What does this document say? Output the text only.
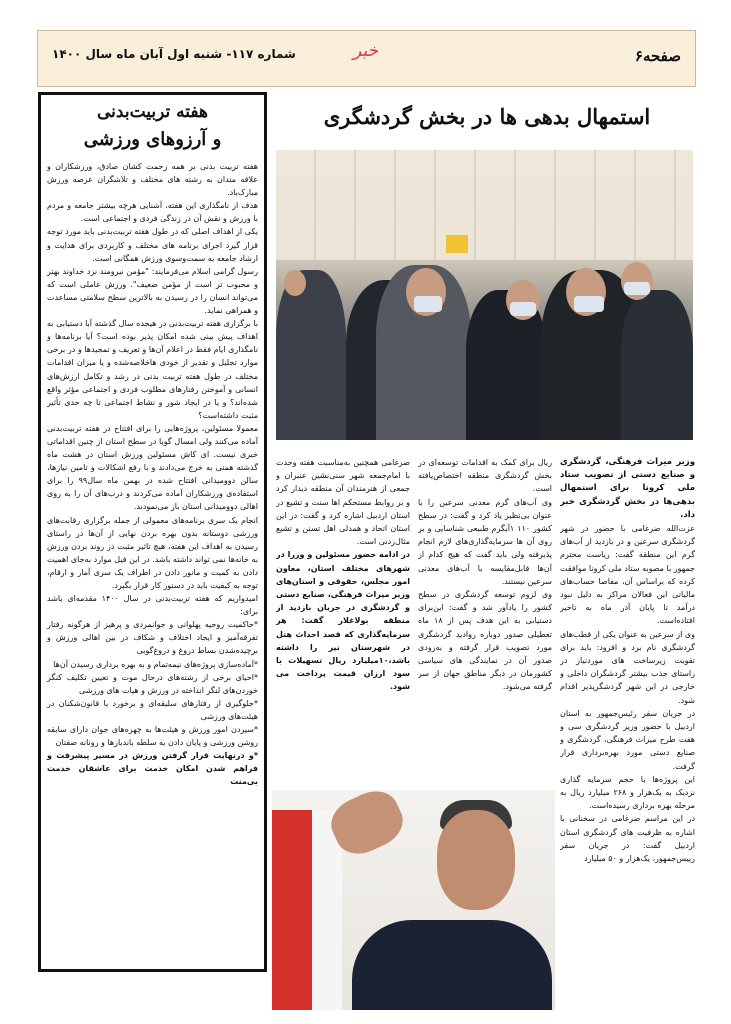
صفحه۶
خبر
شماره ۱۱۷- شنبه اول آبان ماه سال ۱۴۰۰
هفته تربیت‌بدنی
و آرزوهای ورزشی

هفته تربیت بدنی بر همه زحمت کشان صادق، ورزشکاران و علاقه مندان به رشته های مختلف و تلاشگران عرصه ورزش مبارک‌باد.

هدف از نامگذاری این هفته، آشنایی هرچه بیشتر جامعه و مردم با ورزش و نقش آن در زندگی فردی و اجتماعی است.

یکی از اهداف اصلی که در طول هفته تربیت‌بدنی باید مورد توجه قرار گیرد اجرای برنامه های مختلف و کاربردی برای هدایت و ارشاد جامعه به سمت‌وسوی ورزش همگانی است.

رسول گرامی اسلام می‌فرمایند: "مؤمن نیرومند نزد خداوند بهتر و محبوب تر است از مؤمن ضعیف". ورزش عاملی است که می‌تواند انسان را در رسیدن به بالاترین سطح سلامتی مساعدت و همراهی نماید.

با برگزاری هفته تربیت‌بدنی در هیجده سال گذشته آیا دستیابی به اهداف پیش بینی شده امکان پذیر بوده است؟ آیا برنامه‌ها و نامگذاری ایام فقط در اعلام آن‌ها و تعریف و تمجیدها و در برخی موارد تجلیل و تقدیر از خودی هاخلاصه‌شده و یا میزان اقدامات مختلف در طول هفته تربیت بدنی در رشد و تکامل ارزش‌های انسانی و آموختن رفتارهای مطلوب فردی و اجتماعی مؤثر واقع شده‌اند؟ و یا در ایجاد شور و نشاط اجتماعی تا چه حدی تأثیر مثبت داشته‌است؟

معمولا مسئولین، پروژه‌هایی را برای افتتاح در هفته تربیت‌بدنی آماده می‌کنند ولی امسال گویا در سطح استان از چنین اقداماتی خبری نیست. ای کاش مسئولین ورزش استان در هشت ماه گذشته همتی به خرج می‌دادند و با رفع اشکالات و تامین نیازها، سالن دوومیدانی افتتاح شده در بهمن ماه سال۹۹ را برای استفاده‌ی ورزشکاران آماده می‌کردند و درب‌های آن را به روی اهالی دوومیدانی استان باز می‌نمودند.

انجام یک سری برنامه‌های معمولی از جمله برگزاری رقابت‌های ورزشی دوستانه بدون بهره بردن نهایی از آن‌ها در راستای رسیدن به اهداف این هفته، هیچ تاثیر مثبت در روند بردن ورزش به خانه‌ها نمی تواند داشته باشد. در این فیل موارد به‌جای اهمیت دادن به کمیت و مانور دادن در اطراف یک سری آمار و ارقام، توجه به کیفیت باید در دستور کار قرار بگیرد.

امیدواریم که هفته تربیت‌بدنی در سال ۱۴۰۰ مقدمه‌ای باشد برای:

*حاکمیت روحیه پهلوانی و جوانمردی و پرهیز از هرگونه رفتار تفرقه‌آمیز و ایجاد اختلاف و شکاف در بین اهالی ورزش و برچیده‌شدن بساط دروغ و دروغ‌گویی

*آماده‌سازی پروژه‌های نیمه‌تمام و به بهره برداری رسیدن آن‌ها

*احیای برخی از رشته‌های درحال موت و تعیین تکلیف کنگر خوردن‌های لنگر انداخته در ورزش و هیات های ورزشی

*جلوگیری از رفتارهای سلیقه‌ای و برخورد با قانون‌شکنان در هیئت‌های ورزشی

*سپردن امور ورزش و هیئت‌ها به چهره‌های جوان دارای سابقه روشن ورزشی و پایان دادن به سلطه باندبازها و رونانه صفتان

*و درنهایت قرار گرفتن ورزش در مسیر پیشرفت و فراهم شدن امکان خدمت برای عاشقان خدمت بی‌منت

استمهال بدهی ها در بخش گردشگری

وزیر میراث فرهنگی، گردشگری و صنایع دستی از تصویب ستاد ملی کرونا برای استمهال بدهی‌ها در بخش گردشگری خبر داد.

عزت‌الله ضرغامی با حضور در شهر گردشگری سرعین و در بازدید از آب‌های گرم این منطقه گفت: ریاست محترم جمهور با مصوبه ستاد ملی کرونا موافقت کرده که براساس آن، مفاصا حساب‌های مالیاتی این فعالان مراکز به دلیل نبود درآمد تا پایان آذر ماه به تاخیر افتاده‌است.

وی از سرعین به عنوان یکی از قطب‌های گردشگری نام برد و افزود: باید برای تقویت زیرساخت های موردنیاز در راستای جذب بیشتر گردشگران داخلی و خارجی در این شهر گردشگرپذیر اقدام شود.

در جریان سفر رئیس‌جمهور به استان اردبیل با حضور وزیر گردشگری سی و هفت طرح میراث فرهنگی، گردشگری و صنایع دستی مورد بهره‌برداری قرار گرفت.

این پروژه‌ها با حجم سرمایه گذاری نزدیک به یک‌هزار و ۲۶۸ میلیارد ریال به مرحله بهره برداری رسیده‌است.

در این مراسم ضرغامی در سخنانی با اشاره به ظرفیت های گردشگری استان اردبیل گفت: در جریان سفر رییس‌جمهور، یک‌هزار و ۵۰ میلیارد

ریال برای کمک به اقدامات توسعه‌ای در بخش گردشگری منطقه اختصاص‌یافته است.

وی آب‌های گرم معدنی سرعین را با عنوان بی‌نظیر یاد کرد و گفت: در سطح کشور ۱۱۰ ۱آبگرم طبیعی شناسایی و بر روی آن ها سرمایه‌گذاری‌های لازم انجام پذیرفته ولی باید گفت که هیچ کدام از آن‌ها قابل‌مقایسه با آب‌های معدنی سرعین نیستند.

وی لزوم توسعه گردشگری در سطح کشور را یادآور شد و گفت: این‌برای دستیابی به این هدف پس از ۱۸ ماه تعطیلی صدور دوباره روادید گردشگری مورد تصویب قرار گرفته و به‌زودی صدور آن در نمایندگی های سیاسی کشورمان در دیگر مناطق جهان از سر گرفته می‌شود.

ضرغامی همچنین به‌مناسبت هفته وحدت با امام‌جمعه شهر سنی‌نشین عنبران و جمعی از هنرمندان آن منطقه دیدار کرد و بر روابط مستحکم اها سنت و تشیع در استان اردبیل اشاره کرد و گفت: در این استان اتحاد و همدلی اهل تسنن و تشیع مثال‌زدنی است.

در ادامه حضور مسئولین و وزرا در شهرهای مختلف استان، معاون امور مجلس، حقوقی و استان‌های وزیر میراث فرهنگی، صنایع دستی و گردشگری در جریان بازدید از منطقه بولاغلار گفت: هر سرمایه‌گذاری که قصد احداث هتل در شهرستان نیر را داشته باشد،۱۰میلیارد ریال تسهیلات با سود ارزان قیمت پرداخت می شود.
